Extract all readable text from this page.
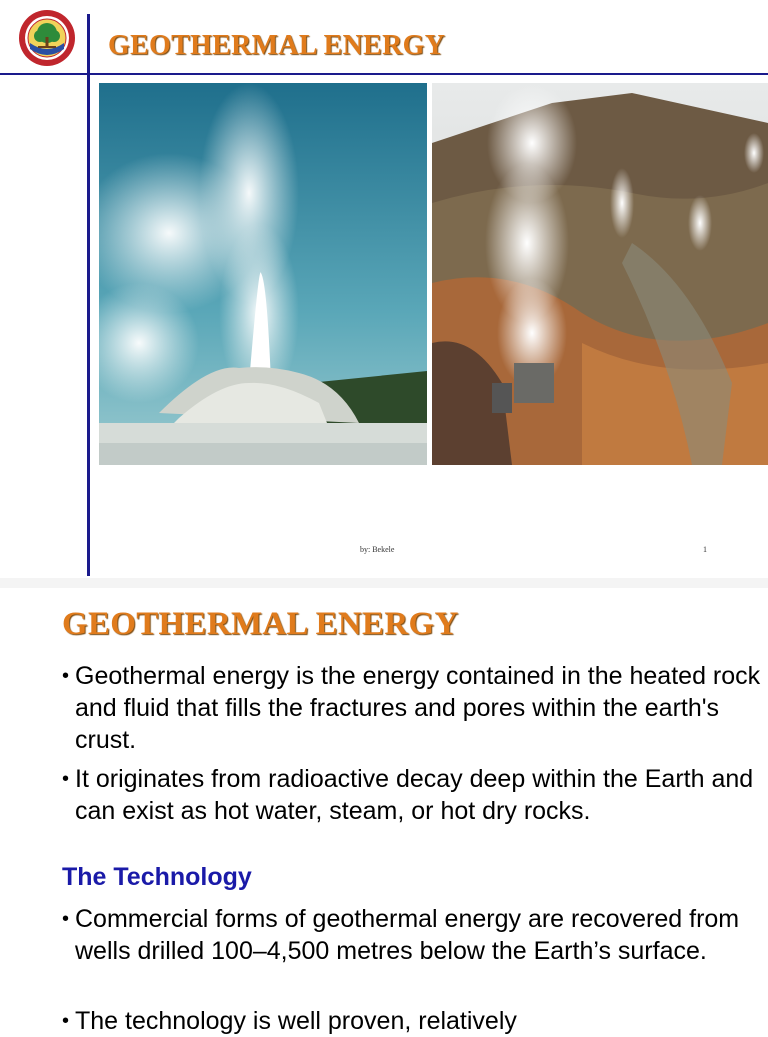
GEOTHERMAL ENERGY
by: Bekele	1
GEOTHERMAL ENERGY
• Geothermal energy is the energy contained in the heated rock and fluid that fills the fractures and pores within the earth's crust.
• It originates from radioactive decay deep within the Earth and can exist as hot water, steam, or hot dry rocks.
The Technology
• Commercial forms of geothermal energy are recovered from wells drilled 100–4,500 metres below the Earth’s surface.
• The technology is well proven, relatively
